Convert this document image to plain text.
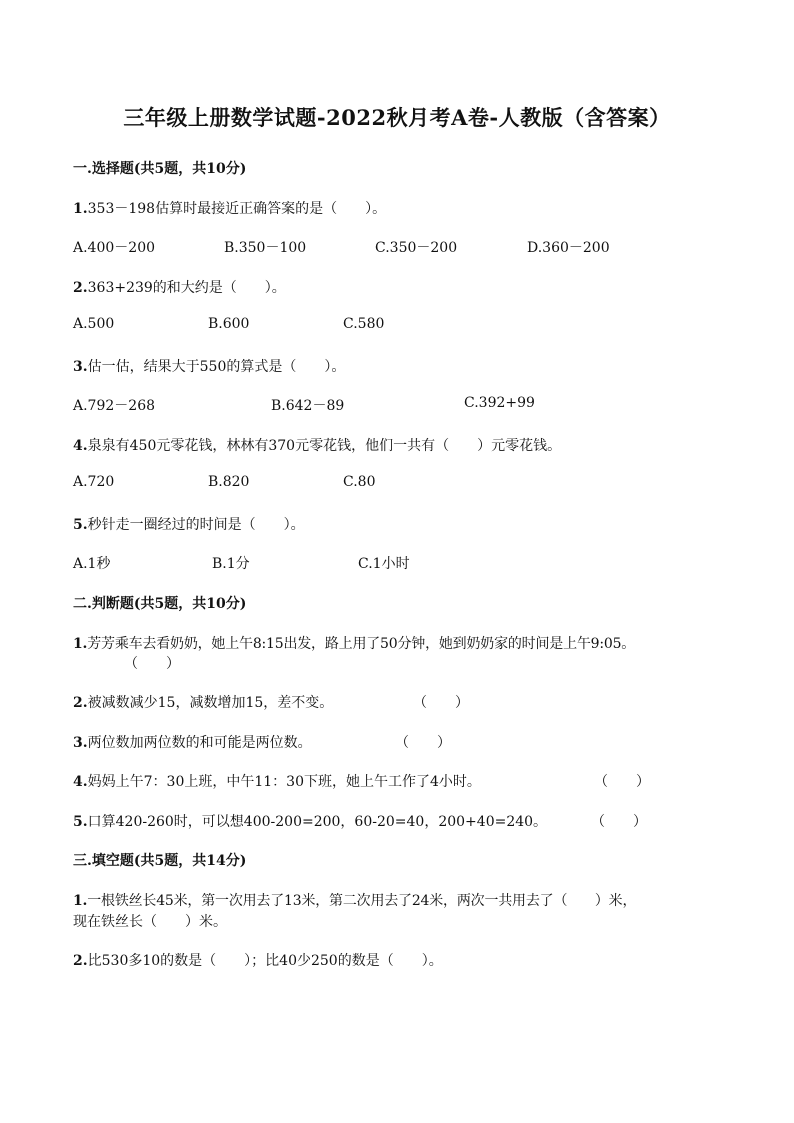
三年级上册数学试题-2022秋月考A卷-人教版（含答案）
一.选择题(共5题，共10分)
1.353－198估算时最接近正确答案的是（　　）。
A.400－200	B.350－100	C.350－200	D.360－200
2.363+239的和大约是（　　）。
A.500	B.600	C.580
3.估一估，结果大于550的算式是（　　）。
A.792－268	B.642－89	C.392+99
4.泉泉有450元零花钱，林林有370元零花钱，他们一共有（　　）元零花钱。
A.720	B.820	C.80
5.秒针走一圈经过的时间是（　　）。
A.1秒	B.1分	C.1小时
二.判断题(共5题，共10分)
1.芳芳乘车去看奶奶，她上午8:15出发，路上用了50分钟，她到奶奶家的时间是上午9:05。
（　　）
2.被减数减少15，减数增加15，差不变。	（　　）
3.两位数加两位数的和可能是两位数。	（　　）
4.妈妈上午7：30上班，中午11：30下班，她上午工作了4小时。	（　　）
5.口算420-260时，可以想400-200=200，60-20=40，200+40=240。	（　　）
三.填空题(共5题，共14分)
1.一根铁丝长45米，第一次用去了13米，第二次用去了24米，两次一共用去了（　　）米，
现在铁丝长（　　）米。
2.比530多10的数是（　　）；比40少250的数是（　　）。
